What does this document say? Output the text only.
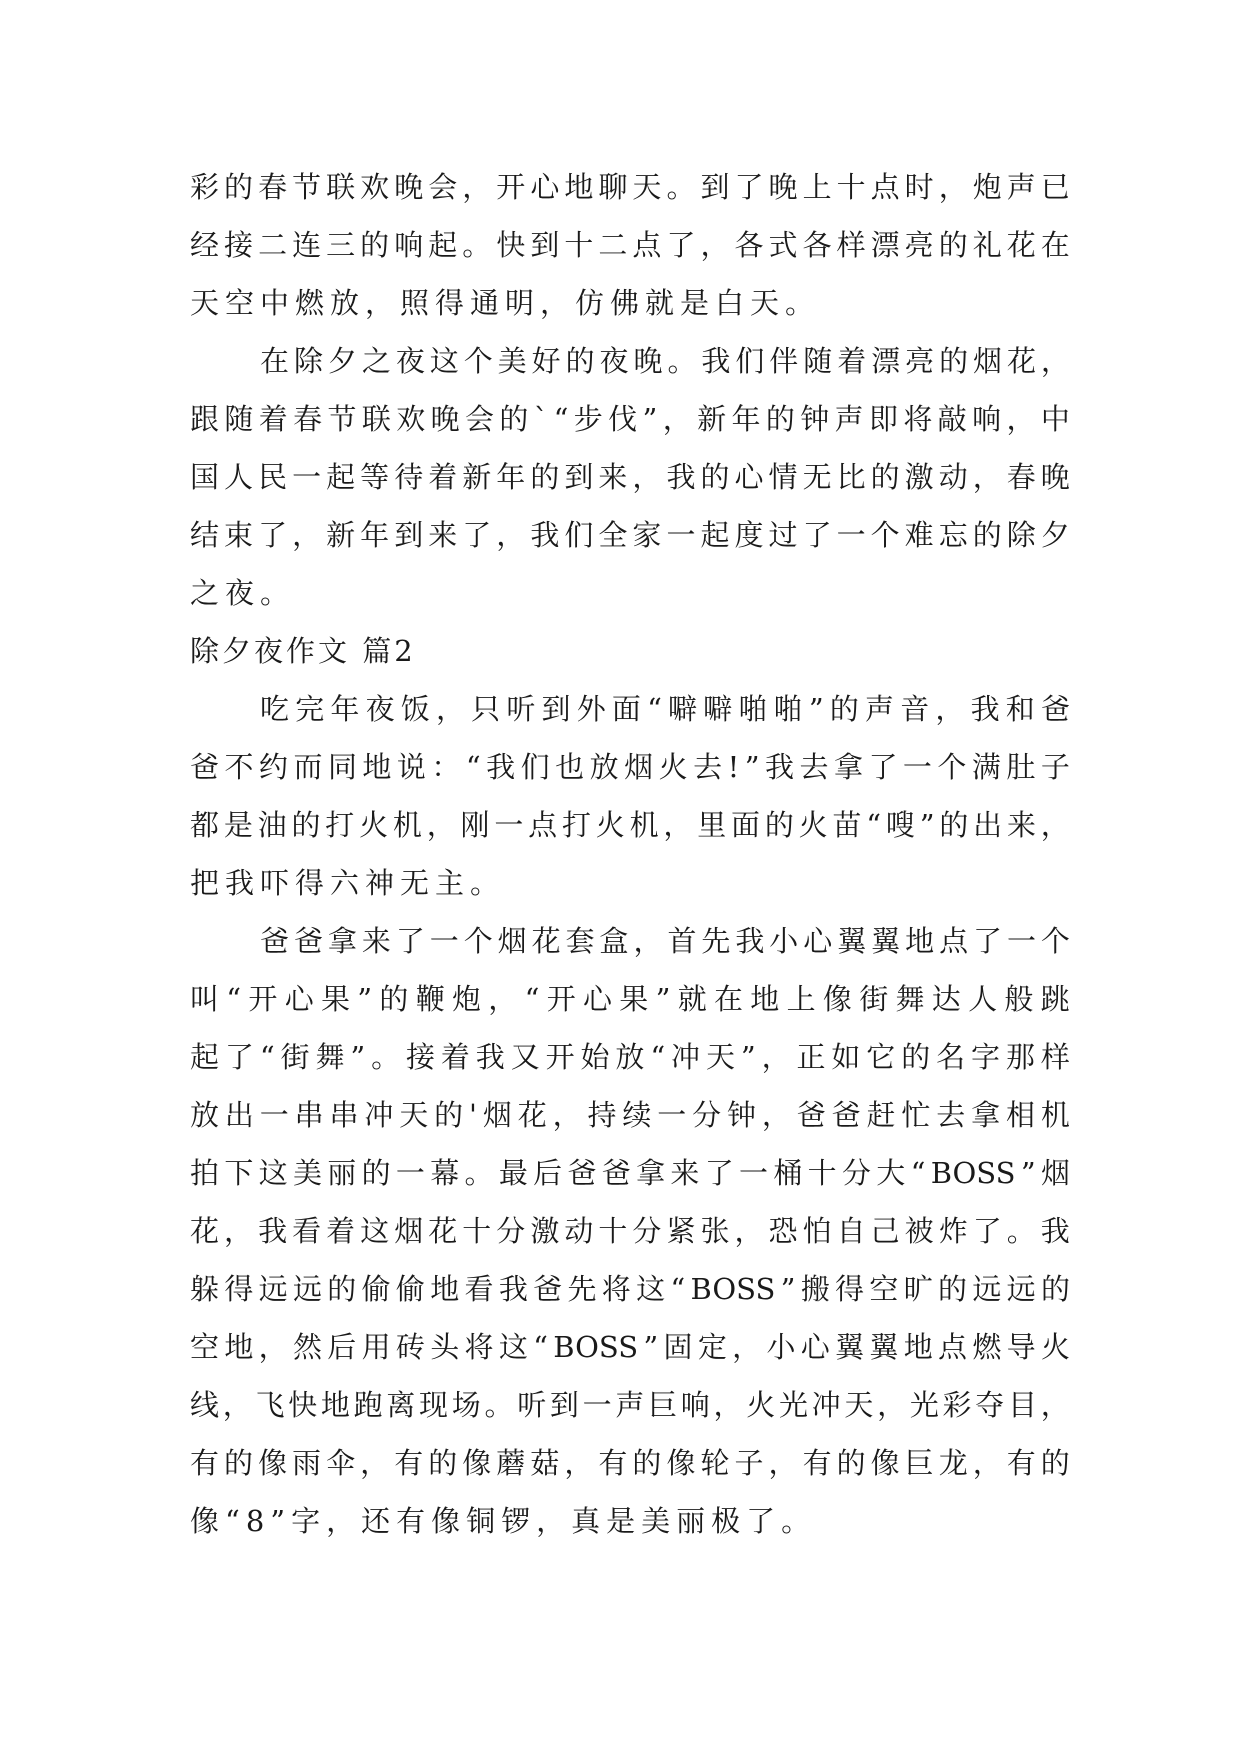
彩 的 春 节 联 欢 晚 会 ， 开 心 地 聊 天 。 到 了 晚 上 十 点 时 ， 炮 声 已
经 接 二 连 三 的 响 起 。 快 到 十 二 点 了 ， 各 式 各 样 漂 亮 的 礼 花 在
天空中燃放，照得通明，仿佛就是白天。
在 除 夕 之 夜 这 个 美 好 的 夜 晚 。 我 们 伴 随 着 漂 亮 的 烟 花 ，
跟 随 着 春 节 联 欢 晚 会 的 ` “ 步 伐 ” ， 新 年 的 钟 声 即 将 敲 响 ， 中
国 人 民 一 起 等 待 着 新 年 的 到 来 ， 我 的 心 情 无 比 的 激 动 ， 春 晚
结 束 了 ， 新 年 到 来 了 ， 我 们 全 家 一 起 度 过 了 一 个 难 忘 的 除 夕
之夜。
除夕夜作文 篇2
吃 完 年 夜 饭 ， 只 听 到 外 面 “ 噼 噼 啪 啪 ” 的 声 音 ， 我 和 爸
爸 不 约 而 同 地 说 ： “ 我 们 也 放 烟 火 去 ! ” 我 去 拿 了 一 个 满 肚 子
都 是 油 的 打 火 机 ， 刚 一 点 打 火 机 ， 里 面 的 火 苗 “ 嗖 ” 的 出 来 ，
把我吓得六神无主。
爸 爸 拿 来 了 一 个 烟 花 套 盒 ， 首 先 我 小 心 翼 翼 地 点 了 一 个
叫 “ 开 心 果 ” 的 鞭 炮 ， “ 开 心 果 ” 就 在 地 上 像 街 舞 达 人 般 跳
起 了 “ 街 舞 ” 。 接 着 我 又 开 始 放 “ 冲 天 ” ， 正 如 它 的 名 字 那 样
放 出 一 串 串 冲 天 的 ' 烟 花 ， 持 续 一 分 钟 ， 爸 爸 赶 忙 去 拿 相 机
拍 下 这 美 丽 的 一 幕 。 最 后 爸 爸 拿 来 了 一 桶 十 分 大 “ BOSS ” 烟
花 ， 我 看 着 这 烟 花 十 分 激 动 十 分 紧 张 ， 恐 怕 自 己 被 炸 了 。 我
躲 得 远 远 的 偷 偷 地 看 我 爸 先 将 这 “ BOSS ” 搬 得 空 旷 的 远 远 的
空 地 ， 然 后 用 砖 头 将 这 “ BOSS ” 固 定 ， 小 心 翼 翼 地 点 燃 导 火
线 ， 飞 快 地 跑 离 现 场 。 听 到 一 声 巨 响 ， 火 光 冲 天 ， 光 彩 夺 目 ，
有 的 像 雨 伞 ， 有 的 像 蘑 菇 ， 有 的 像 轮 子 ， 有 的 像 巨 龙 ， 有 的
像“8”字，还有像铜锣，真是美丽极了。
